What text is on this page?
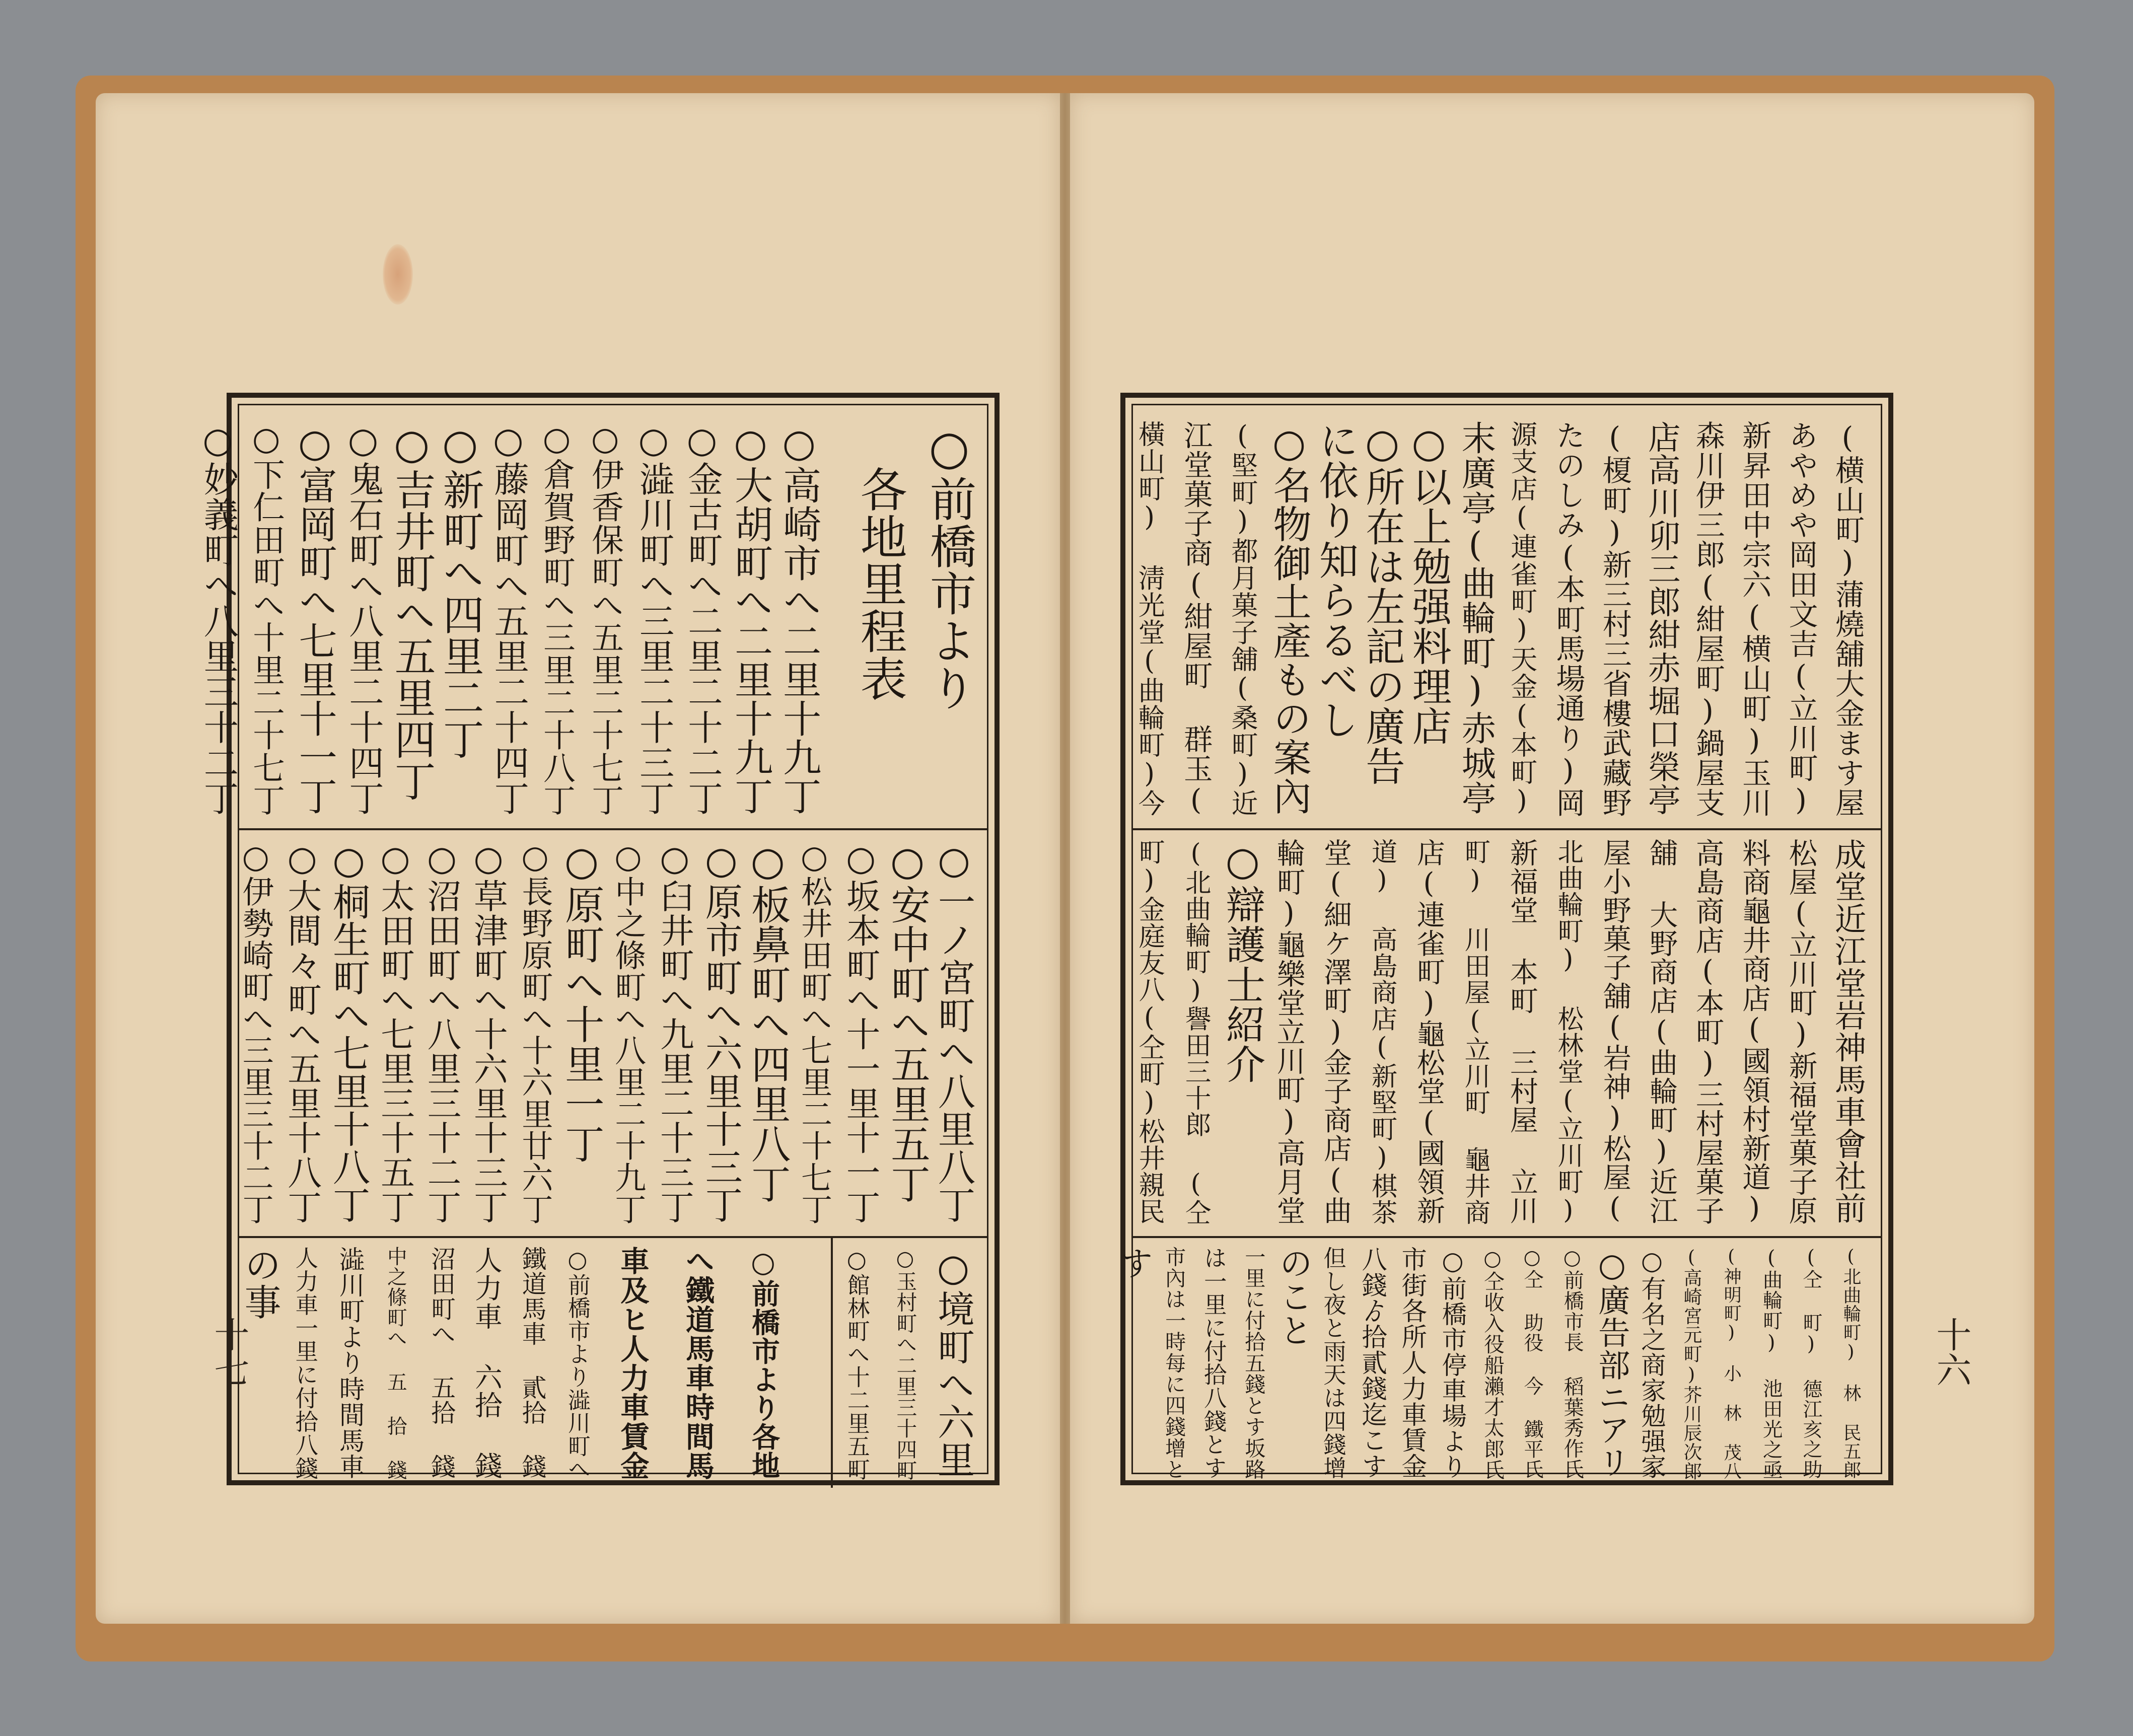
○前橋市より
各地里程表
○高崎市へ二里十九丁
○大胡町へ二里十九丁
○金古町へ二里二十二丁
○澁川町へ三里二十三丁
○伊香保町へ五里二十七丁
○倉賀野町へ三里二十八丁
○藤岡町へ五里二十四丁
○新町へ四里二丁
○吉井町へ五里四丁
○鬼石町へ八里二十四丁
○富岡町へ七里十一丁
○下仁田町へ十里二十七丁
○妙義町へ八里三十二丁
○一ノ宮町へ八里八丁
○安中町へ五里五丁
○坂本町へ十一里十一丁
○松井田町へ七里二十七丁
○板鼻町へ四里八丁
○原市町へ六里十三丁
○臼井町へ九里二十三丁
○中之條町へ八里二十九丁
○原町へ十里一丁
○長野原町へ十六里廿六丁
○草津町へ十六里十三丁
○沼田町へ八里三十二丁
○太田町へ七里三十五丁
○桐生町へ七里十八丁
○大間々町へ五里十八丁
○伊勢崎町へ三里三十二丁
○境町へ六里
○玉村町へ二里三十四町
○館林町へ十二里五町
○前橋市より各地
へ鐵道馬車時間馬
車及ヒ人力車賃金
○前橋市より澁川町へ
鐵道馬車 貳拾 錢
人力車 六拾 錢
沼田町へ 五拾 錢
中之條町へ 五 拾 錢
澁川町より時間馬車
人力車一里に付拾八錢
の事
十七
(横山町)蒲燒舖大金ます屋
あやめや岡田文吉(立川町)
新昇田中宗六(横山町)玉川
森川伊三郎(紺屋町)鍋屋支
店高川卯三郎紺赤堀口榮亭
(榎町)新三村三省樓武藏野
たのしみ(本町馬場通り)岡
源支店(連雀町)天金(本町)
末廣亭(曲輪町)赤城亭
○以上勉强料理店
○所在は左記の廣告
に依り知らるべし
○名物御土產もの案內
(堅町)都月菓子舖(桑町)近
江堂菓子商(紺屋町 群玉(
橫山町) 淸光堂(曲輪町)今
成堂近江堂岩神馬車會社前
松屋(立川町)新福堂菓子原
料商龜井商店(國領村新道)
高島商店(本町)三村屋菓子
舖 大野商店(曲輪町)近江
屋小野菓子舖(岩神)松屋(
北曲輪町) 松林堂(立川町)
新福堂 本町 三村屋 立川
町) 川田屋(立川町 龜井商
店(連雀町)龜松堂(國領新
道) 高島商店(新堅町)棋茶
堂(細ケ澤町)金子商店(曲
輪町)龜樂堂立川町)高月堂
○辯護士紹介
(北曲輪町)譽田三十郎 (仝
町)金庭友八(仝町)松井親民
(北曲輪町) 林 民五郎
(仝 町) 德江亥之助
(曲輪町) 池田光之亟
(神明町) 小 林 茂八
(高崎宮元町)芥川辰次郎
○有名之商家勉强家
○廣告部ニアリ
○前橋市長 稻葉秀作氏
○仝 助役 今 鐵平氏
○仝收入役船瀨才太郎氏
○前橋市停車場より
市街各所人力車賃金
八錢ゟ拾貳錢迄こす
但し夜と雨天は四錢增
のこと
一里に付拾五錢とす坂路
は一里に付拾八錢とす
市內は一時每に四錢增と
す
十六
